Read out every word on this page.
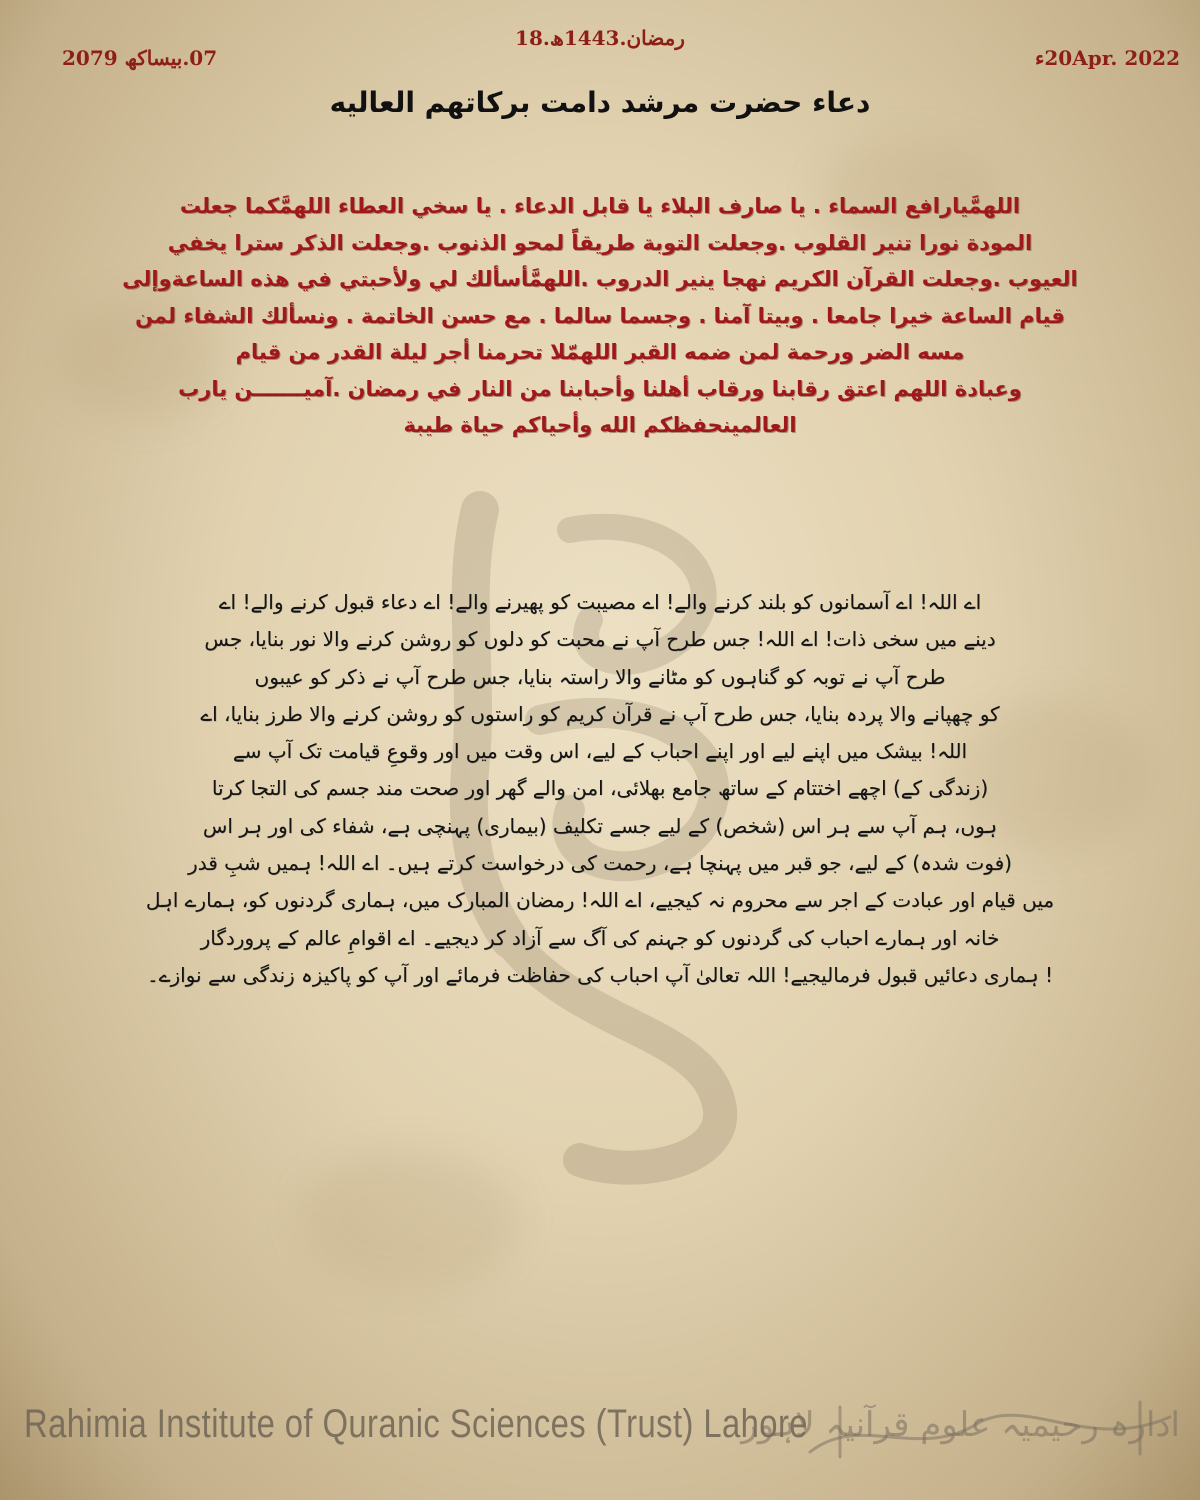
18.رمضان.1443ھ
20Apr. 2022ء
07.بیساکھ 2079
دعاء حضرت مرشد دامت برکاتھم العالیه
اللهمَّيارافع السماء . يا صارف البلاء يا قابل الدعاء . يا سخي العطاء اللهمَّكما جعلت
المودة نورا تنير القلوب .وجعلت التوبة طريقاً لمحو الذنوب .وجعلت الذكر سترا يخفي
العيوب .وجعلت القرآن الكريم نهجا ينير الدروب .اللهمَّأسألك لي ولأحبتي في هذه الساعةوإلى
قيام الساعة خيرا جامعا . وبيتا آمنا . وجسما سالما . مع حسن الخاتمة . ونسألك الشفاء لمن
مسه الضر ورحمة لمن ضمه القبر اللهمّلا تحرمنا أجر ليلة القدر من قيام
وعبادة اللهم اعتق رقابنا ورقاب أهلنا وأحبابنا من النار في رمضان .آميـــــــن يارب
العالمينحفظكم الله وأحياكم حياة طيبة
اے اللہ! اے آسمانوں کو بلند کرنے والے! اے مصیبت کو پھیرنے والے! اے دعاء قبول کرنے والے! اے
دینے میں سخی ذات! اے اللہ! جس طرح آپ نے محبت کو دلوں کو روشن کرنے والا نور بنایا، جس
طرح آپ نے توبہ کو گناہوں کو مٹانے والا راستہ بنایا، جس طرح آپ نے ذکر کو عیبوں
کو چھپانے والا پردہ بنایا، جس طرح آپ نے قرآن کریم کو راستوں کو روشن کرنے والا طرز بنایا، اے
اللہ! بیشک میں اپنے لیے اور اپنے احباب کے لیے، اس وقت میں اور وقوعِ قیامت تک آپ سے
(زندگی کے) اچھے اختتام کے ساتھ جامع بھلائی، امن والے گھر اور صحت مند جسم کی التجا کرتا
ہوں، ہم آپ سے ہر اس (شخص) کے لیے جسے تکلیف (بیماری) پہنچی ہے، شفاء کی اور ہر اس
(فوت شدہ) کے لیے، جو قبر میں پہنچا ہے، رحمت کی درخواست کرتے ہیں۔ اے اللہ! ہمیں شبِ قدر
میں قیام اور عبادت کے اجر سے محروم نہ کیجیے، اے اللہ! رمضان المبارک میں، ہماری گردنوں کو، ہمارے اہل
خانہ اور ہمارے احباب کی گردنوں کو جہنم کی آگ سے آزاد کر دیجیے۔ اے اقوامِ عالم کے پروردگار
! ہماری دعائیں قبول فرمالیجیے! اللہ تعالیٰ آپ احباب کی حفاظت فرمائے اور آپ کو پاکیزہ زندگی سے نوازے۔
Rahimia Institute of Quranic Sciences (Trust) Lahore
ادارہ رحیمیہ علوم قرآنیہ لاہور
